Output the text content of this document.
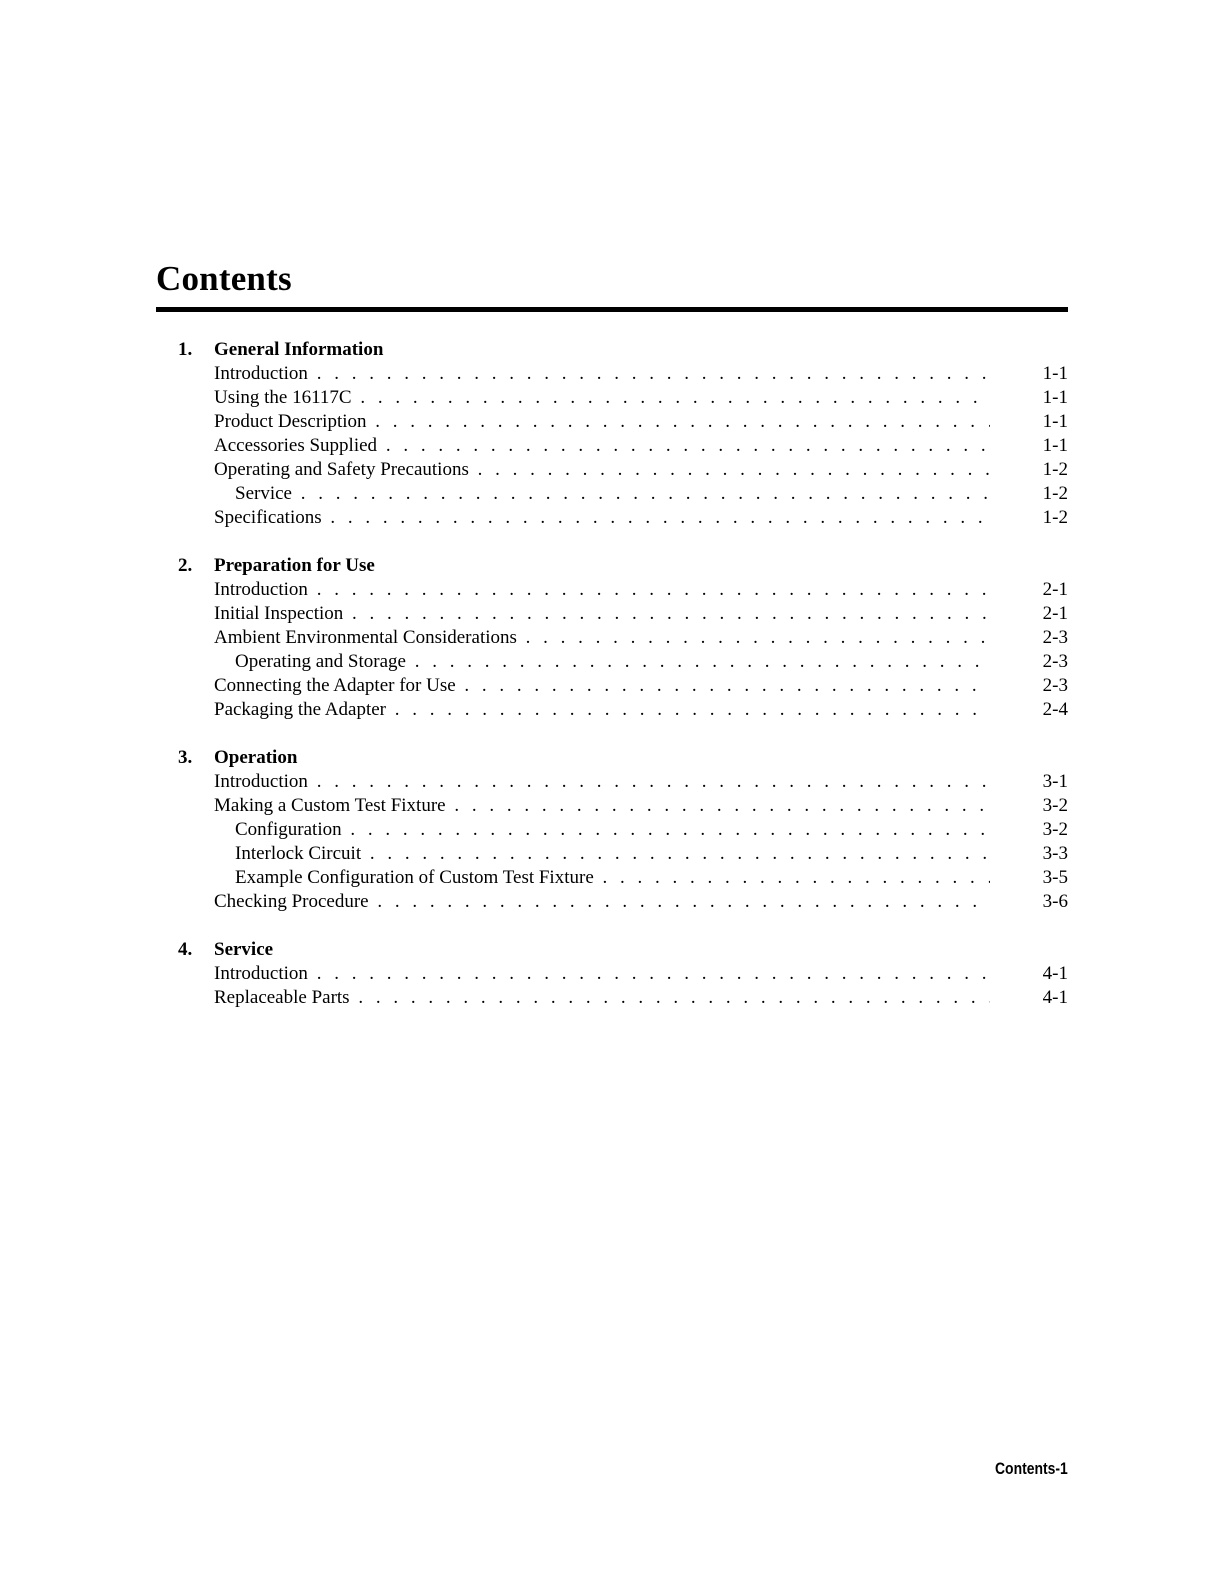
Contents
1. General Information
Introduction . . .	1-1
Using the 16117C . . .	1-1
Product Description . . .	1-1
Accessories Supplied . . .	1-1
Operating and Safety Precautions . . .	1-2
Service . . .	1-2
Specifications . . .	1-2
2. Preparation for Use
Introduction . . .	2-1
Initial Inspection . . .	2-1
Ambient Environmental Considerations . . .	2-3
Operating and Storage . . .	2-3
Connecting the Adapter for Use . . .	2-3
Packaging the Adapter . . .	2-4
3. Operation
Introduction . . .	3-1
Making a Custom Test Fixture . . .	3-2
Configuration . . .	3-2
Interlock Circuit . . .	3-3
Example Configuration of Custom Test Fixture . . .	3-5
Checking Procedure . . .	3-6
4. Service
Introduction . . .	4-1
Replaceable Parts . . .	4-1
Contents-1
